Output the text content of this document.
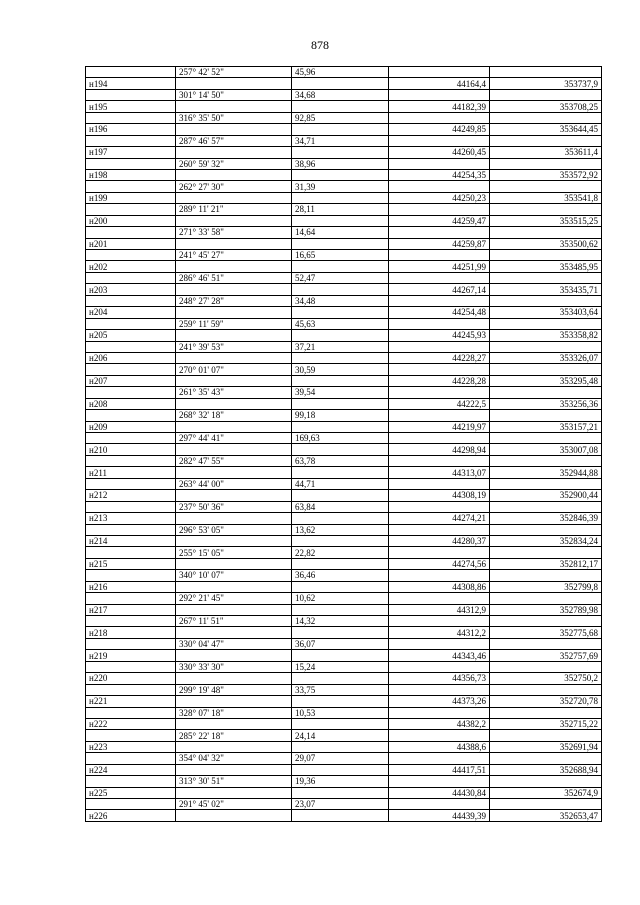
878
	257° 42' 52"	45,96		
н194			44164,4	353737,9
	301° 14' 50"	34,68		
н195			44182,39	353708,25
	316° 35' 50"	92,85		
н196			44249,85	353644,45
	287° 46' 57"	34,71		
н197			44260,45	353611,4
	260° 59' 32"	38,96		
н198			44254,35	353572,92
	262° 27' 30"	31,39		
н199			44250,23	353541,8
	289° 11' 21"	28,11		
н200			44259,47	353515,25
	271° 33' 58"	14,64		
н201			44259,87	353500,62
	241° 45' 27"	16,65		
н202			44251,99	353485,95
	286° 46' 51"	52,47		
н203			44267,14	353435,71
	248° 27' 28"	34,48		
н204			44254,48	353403,64
	259° 11' 59"	45,63		
н205			44245,93	353358,82
	241° 39' 53"	37,21		
н206			44228,27	353326,07
	270° 01' 07"	30,59		
н207			44228,28	353295,48
	261° 35' 43"	39,54		
н208			44222,5	353256,36
	268° 32' 18"	99,18		
н209			44219,97	353157,21
	297° 44' 41"	169,63		
н210			44298,94	353007,08
	282° 47' 55"	63,78		
н211			44313,07	352944,88
	263° 44' 00"	44,71		
н212			44308,19	352900,44
	237° 50' 36"	63,84		
н213			44274,21	352846,39
	296° 53' 05"	13,62		
н214			44280,37	352834,24
	255° 15' 05"	22,82		
н215			44274,56	352812,17
	340° 10' 07"	36,46		
н216			44308,86	352799,8
	292° 21' 45"	10,62		
н217			44312,9	352789,98
	267° 11' 51"	14,32		
н218			44312,2	352775,68
	330° 04' 47"	36,07		
н219			44343,46	352757,69
	330° 33' 30"	15,24		
н220			44356,73	352750,2
	299° 19' 48"	33,75		
н221			44373,26	352720,78
	328° 07' 18"	10,53		
н222			44382,2	352715,22
	285° 22' 18"	24,14		
н223			44388,6	352691,94
	354° 04' 32"	29,07		
н224			44417,51	352688,94
	313° 30' 51"	19,36		
н225			44430,84	352674,9
	291° 45' 02"	23,07		
н226			44439,39	352653,47
